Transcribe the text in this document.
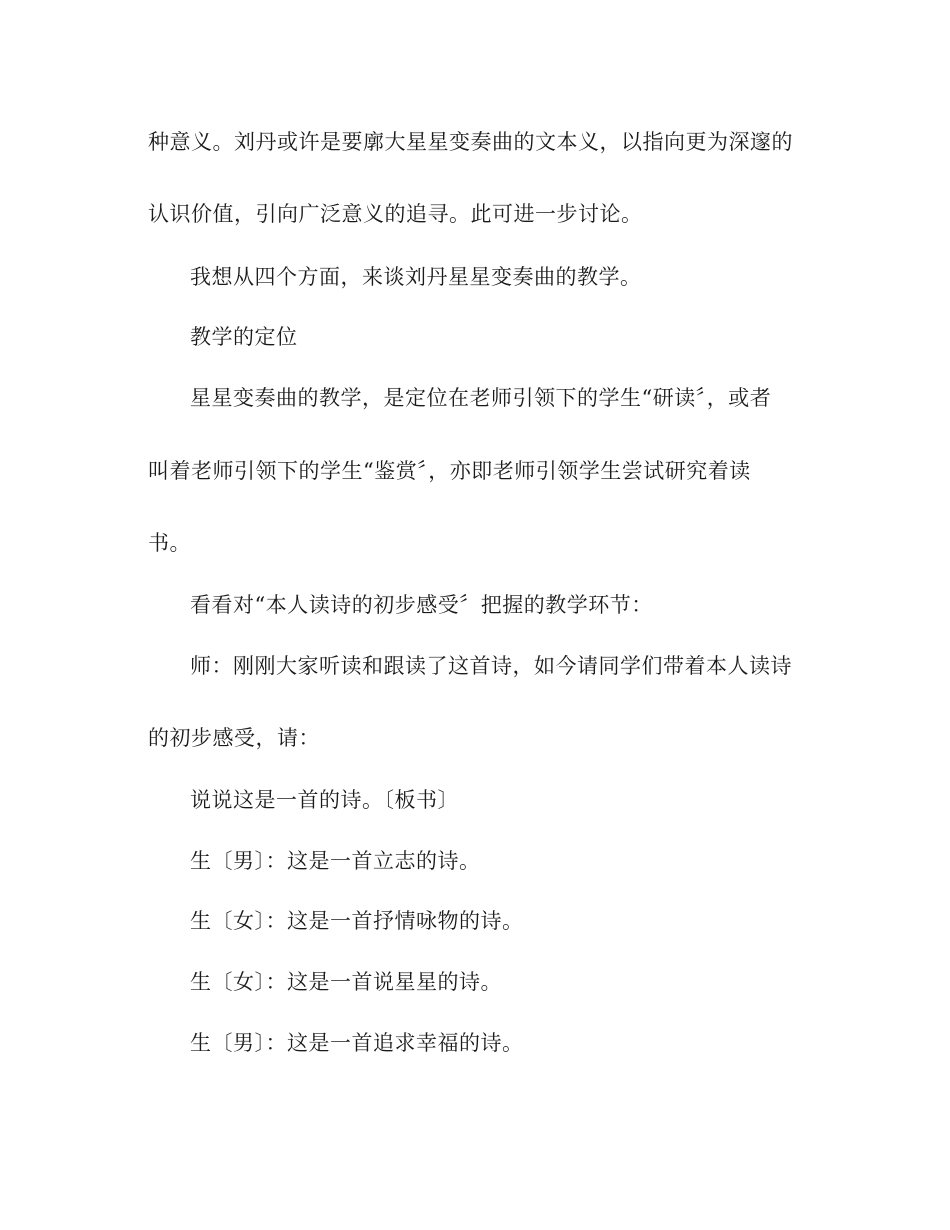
种意义。刘丹或许是要廓大星星变奏曲的文本义，以指向更为深邃的
认识价值，引向广泛意义的追寻。此可进一步讨论。
我想从四个方面，来谈刘丹星星变奏曲的教学。
教学的定位
星星变奏曲的教学，是定位在老师引领下的学生“研读〞，或者
叫着老师引领下的学生“鉴赏〞，亦即老师引领学生尝试研究着读
书。
看看对“本人读诗的初步感受〞把握的教学环节：
师：刚刚大家听读和跟读了这首诗，如今请同学们带着本人读诗
的初步感受，请：
说说这是一首的诗。〔板书〕
生〔男〕：这是一首立志的诗。
生〔女〕：这是一首抒情咏物的诗。
生〔女〕：这是一首说星星的诗。
生〔男〕：这是一首追求幸福的诗。
